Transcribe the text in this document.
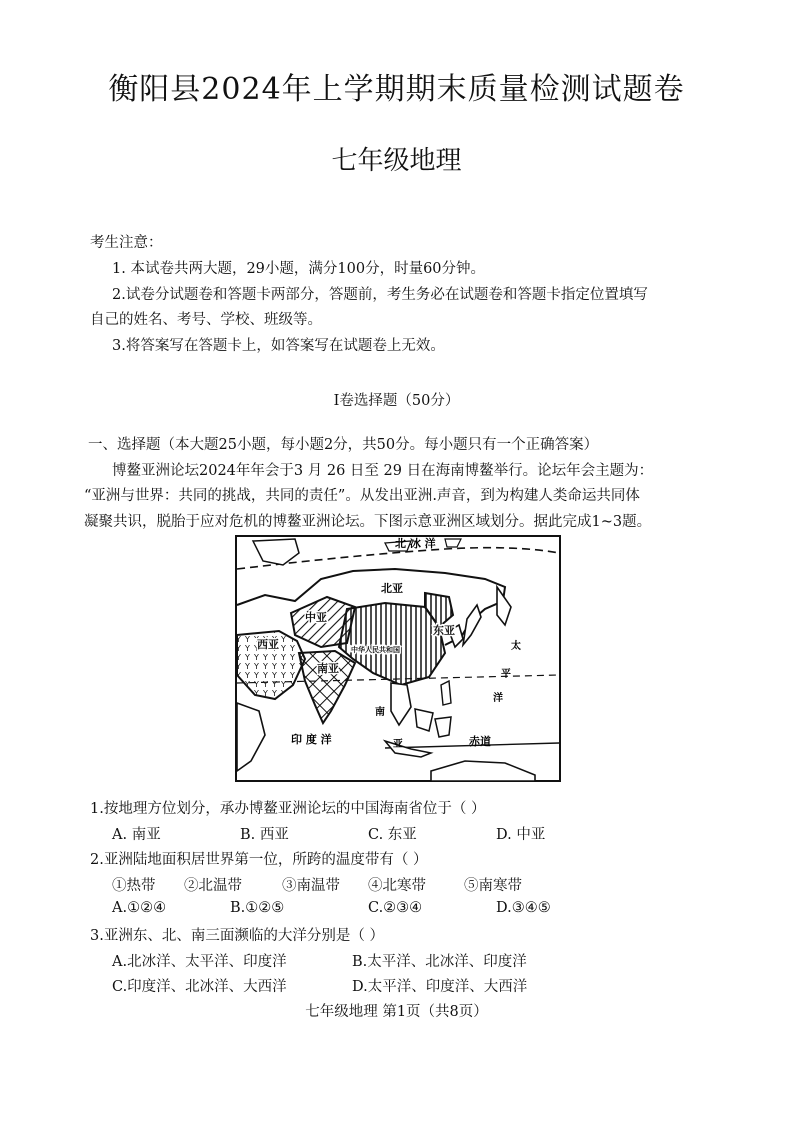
衡阳县2024年上学期期末质量检测试题卷
七年级地理
考生注意：
1. 本试卷共两大题，29小题，满分100分，时量60分钟。
2.试卷分试题卷和答题卡两部分，答题前，考生务必在试题卷和答题卡指定位置填写
自己的姓名、考号、学校、班级等。
3.将答案写在答题卡上，如答案写在试题卷上无效。
Ⅰ卷选择题（50分）
一、选择题（本大题25小题，每小题2分，共50分。每小题只有一个正确答案）
博鳌亚洲论坛2024年年会于3 月 26 日至 29 日在海南博鳌举行。论坛年会主题为：
“亚洲与世界：共同的挑战，共同的责任”。从发出亚洲.声音，到为构建人类命运共同体
凝聚共识，脱胎于应对危机的博鳌亚洲论坛。下图示意亚洲区域划分。据此完成1~3题。
北 冰 洋
北亚
中亚
东亚
西亚
南亚
中华人民共和国	太
平
洋
印 度 洋	赤道
南
亚
1.按地理方位划分，承办博鳌亚洲论坛的中国海南省位于（ ）
A. 南亚	B. 西亚	C. 东亚	D. 中亚
2.亚洲陆地面积居世界第一位，所跨的温度带有（ ）
①热带 ②北温带	③南温带 ④北寒带	⑤南寒带
A.①②④	B.①②⑤	C.②③④	D.③④⑤
3.亚洲东、北、南三面濒临的大洋分别是（ ）
A.北冰洋、太平洋、印度洋	B.太平洋、北冰洋、印度洋
C.印度洋、北冰洋、大西洋	D.太平洋、印度洋、大西洋
七年级地理 第1页（共8页）
